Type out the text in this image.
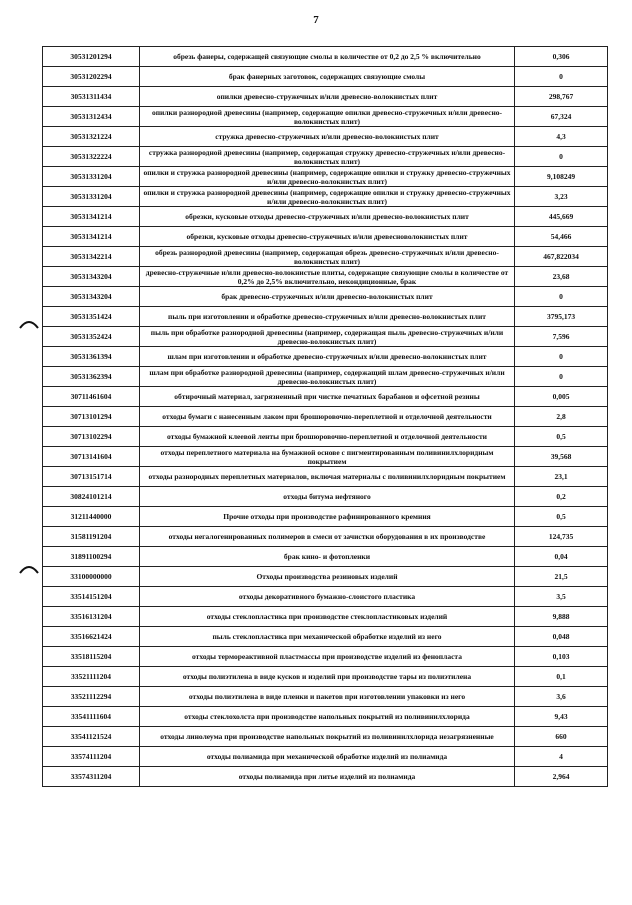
7
30531201294	обрезь фанеры, содержащей связующие смолы в количестве от 0,2 до 2,5 % включительно	0,306
30531202294	брак фанерных заготовок, содержащих связующие смолы	0
30531311434	опилки древесно-стружечных и/или древесно-волокнистых плит	298,767
30531312434	опилки разнородной древесины (например, содержащие опилки древесно-стружечных и/или древесно-волокнистых плит)	67,324
30531321224	стружка древесно-стружечных и/или древесно-волокнистых плит	4,3
30531322224	стружка разнородной древесины (например, содержащая стружку древесно-стружечных и/или древесно-волокнистых плит)	0
30531331204	опилки и стружка разнородной древесины (например, содержащие опилки и стружку древесно-стружечных и/или древесно-волокнистых плит)	9,108249
30531331204	опилки и стружка разнородной древесины (например, содержащие опилки и стружку древесно-стружечных и/или древесно-волокнистых плит)	3,23
30531341214	обрезки, кусковые отходы древесно-стружечных и/или древесно-волокнистых плит	445,669
30531341214	обрезки, кусковые отходы древесно-стружечных и/или древесноволокнистых плит	54,466
30531342214	обрезь разнородной древесины (например, содержащая обрезь древесно-стружечных и/или древесно-волокнистых плит)	467,822034
30531343204	древесно-стружечные и/или древесно-волокнистые плиты, содержащие связующие смолы в количестве от 0,2% до 2,5% включительно, некондиционные, брак	23,68
30531343204	брак древесно-стружечных и/или древесно-волокнистых плит	0
30531351424	пыль при изготовлении и обработке древесно-стружечных и/или древесно-волокнистых плит	3795,173
30531352424	пыль при обработке разнородной древесины (например, содержащая пыль древесно-стружечных и/или древесно-волокнистых плит)	7,596
30531361394	шлам при изготовлении и обработке древесно-стружечных и/или древесно-волокнистых плит	0
30531362394	шлам при обработке разнородной древесины (например, содержащий шлам древесно-стружечных и/или древесно-волокнистых плит)	0
30711461604	обтирочный материал, загрязненный при чистке печатных барабанов и офсетной резины	0,005
30713101294	отходы бумаги с нанесенным лаком при брошюровочно-переплетной и отделочной деятельности	2,8
30713102294	отходы бумажной клеевой ленты при брошюровочно-переплетной и отделочной деятельности	0,5
30713141604	отходы переплетного материала на бумажной основе с пигментированным поливинилхлоридным покрытием	39,568
30713151714	отходы разнородных переплетных материалов, включая материалы с поливинилхлоридным покрытием	23,1
30824101214	отходы битума нефтяного	0,2
31211440000	Прочие отходы при производстве рафинированного кремния	0,5
31581191204	отходы негалогенированных полимеров в смеси от зачистки оборудования в их производстве	124,735
31891100294	брак кино- и фотопленки	0,04
33100000000	Отходы производства резиновых изделий	21,5
33514151204	отходы декоративного бумажно-слоистого пластика	3,5
33516131204	отходы стеклопластика при производстве стеклопластиковых изделий	9,888
33516621424	пыль стеклопластика при механической обработке изделий из него	0,048
33518115204	отходы термореактивной пластмассы при производстве изделий из фенопласта	0,103
33521111204	отходы полиэтилена в виде кусков и изделий при производстве тары из полиэтилена	0,1
33521112294	отходы полиэтилена в виде пленки и пакетов при изготовлении упаковки из него	3,6
33541111604	отходы стеклохолста при производстве напольных покрытий из поливинилхлорида	9,43
33541121524	отходы линолеума при производстве напольных покрытий из поливинилхлорида незагрязненные	660
33574111204	отходы полиамида при механической обработке изделий из полиамида	4
33574311204	отходы полиамида при литье изделий из полиамида	2,964
